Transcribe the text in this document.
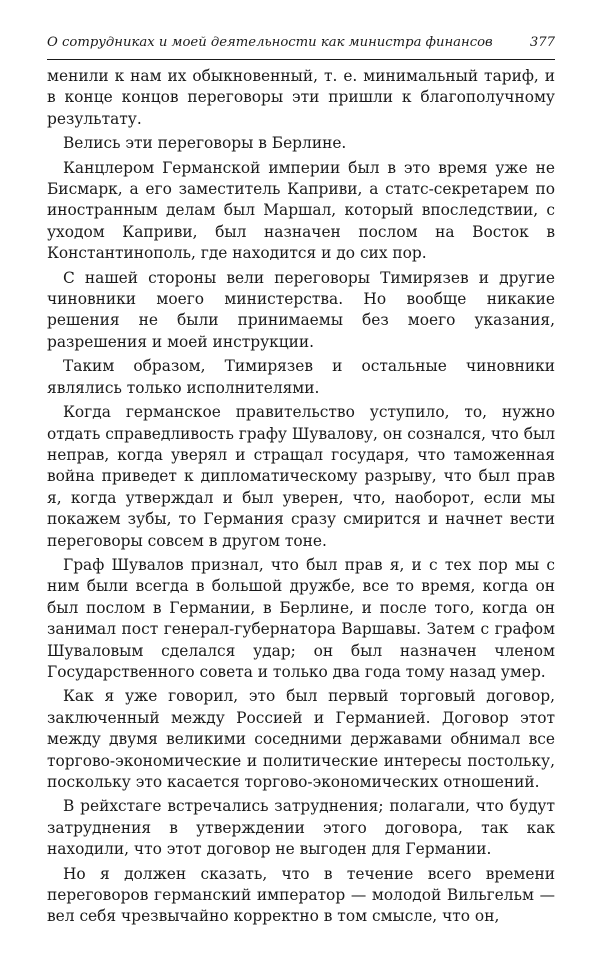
О сотрудниках и моей деятельности как министра финансов	377

менили к нам их обыкновенный, т. е. минимальный тариф, и в конце концов переговоры эти пришли к благополучному результату.

Велись эти переговоры в Берлине.

Канцлером Германской империи был в это время уже не Бисмарк, а его заместитель Каприви, а статс-секретарем по иностранным делам был Маршал, который впоследствии, с уходом Каприви, был назначен послом на Восток в Константинополь, где находится и до сих пор.

С нашей стороны вели переговоры Тимирязев и другие чиновники моего министерства. Но вообще никакие решения не были принимаемы без моего указания, разрешения и моей инструкции.

Таким образом, Тимирязев и остальные чиновники являлись только исполнителями.

Когда германское правительство уступило, то, нужно отдать справедливость графу Шувалову, он сознался, что был неправ, когда уверял и стращал государя, что таможенная война приведет к дипломатическому разрыву, что был прав я, когда утверждал и был уверен, что, наоборот, если мы покажем зубы, то Германия сразу смирится и начнет вести переговоры совсем в другом тоне.

Граф Шувалов признал, что был прав я, и с тех пор мы с ним были всегда в большой дружбе, все то время, когда он был послом в Германии, в Берлине, и после того, когда он занимал пост генерал-губернатора Варшавы. Затем с графом Шуваловым сделался удар; он был назначен членом Государственного совета и только два года тому назад умер.

Как я уже говорил, это был первый торговый договор, заключенный между Россией и Германией. Договор этот между двумя великими соседними державами обнимал все торгово-экономические и политические интересы постольку, поскольку это касается торгово-экономических отношений.

В рейхстаге встречались затруднения; полагали, что будут затруднения в утверждении этого договора, так как находили, что этот договор не выгоден для Германии.

Но я должен сказать, что в течение всего времени переговоров германский император — молодой Вильгельм — вел себя чрезвычайно корректно в том смысле, что он,
